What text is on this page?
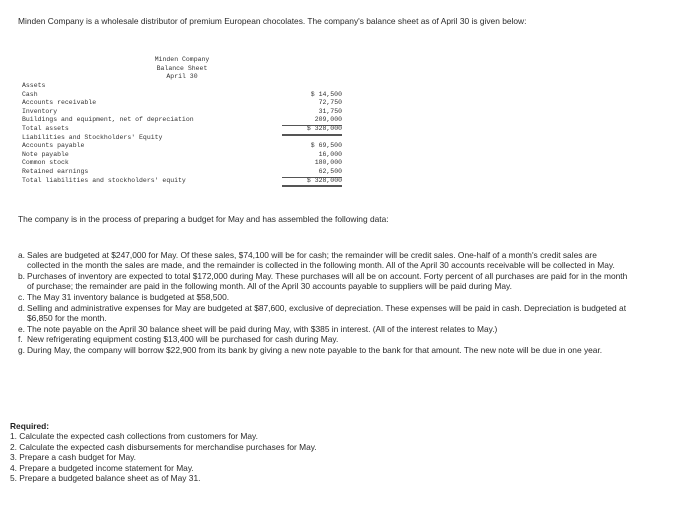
Minden Company is a wholesale distributor of premium European chocolates. The company's balance sheet as of April 30 is given below:
Minden Company
Balance Sheet
April 30
Assets
Cash	$ 14,500
Accounts receivable	72,750
Inventory	31,750
Buildings and equipment, net of depreciation	209,000
Total assets	$ 328,000
Liabilities and Stockholders' Equity
Accounts payable	$ 69,500
Note payable	16,000
Common stock	180,000
Retained earnings	62,500
Total liabilities and stockholders' equity	$ 328,000
The company is in the process of preparing a budget for May and has assembled the following data:
a. Sales are budgeted at $247,000 for May. Of these sales, $74,100 will be for cash; the remainder will be credit sales. One-half of a month's credit sales are collected in the month the sales are made, and the remainder is collected in the following month. All of the April 30 accounts receivable will be collected in May.
b. Purchases of inventory are expected to total $172,000 during May. These purchases will all be on account. Forty percent of all purchases are paid for in the month of purchase; the remainder are paid in the following month. All of the April 30 accounts payable to suppliers will be paid during May.
c. The May 31 inventory balance is budgeted at $58,500.
d. Selling and administrative expenses for May are budgeted at $87,600, exclusive of depreciation. These expenses will be paid in cash. Depreciation is budgeted at $6,850 for the month.
e. The note payable on the April 30 balance sheet will be paid during May, with $385 in interest. (All of the interest relates to May.)
f. New refrigerating equipment costing $13,400 will be purchased for cash during May.
g. During May, the company will borrow $22,900 from its bank by giving a new note payable to the bank for that amount. The new note will be due in one year.
Required:
1. Calculate the expected cash collections from customers for May.
2. Calculate the expected cash disbursements for merchandise purchases for May.
3. Prepare a cash budget for May.
4. Prepare a budgeted income statement for May.
5. Prepare a budgeted balance sheet as of May 31.
